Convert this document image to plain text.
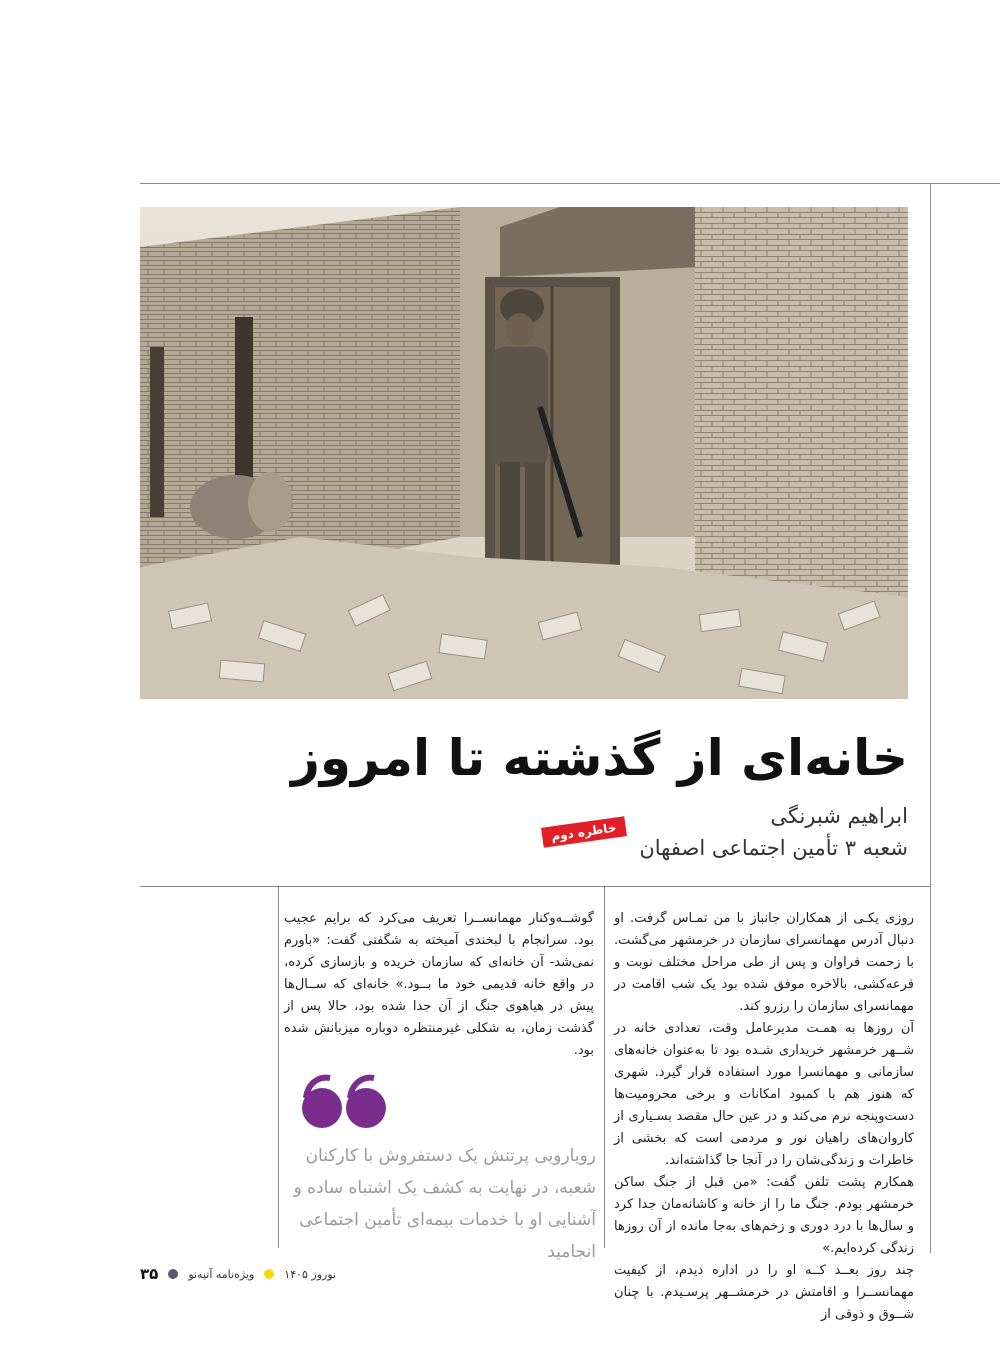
خانه‌ای از گذشته تا امروز
ابراهیم شبرنگی
شعبه ۳ تأمین اجتماعی اصفهان
خاطره دوم

روزی یکـی از همکاران جانباز با من تمـاس گرفت. او دنبال آدرس مهمانسرای سازمان در خرمشهر می‌گشت. با زحمت فراوان و پس از طی مراحل مختلف نوبت و قرعه‌کشی، بالاخره موفق شده بود یک شب اقامت در مهمانسرای سازمان را رزرو کند.

آن روزها به همـت مدیرعامل وقت، تعدادی خانه در شــهر خرمشهر خریداری شـده بود تا به‌عنوان خانه‌های سازمانی و مهمانسرا مورد استفاده قرار گیرد. شهری که هنوز هم با کمبود امکانات و برخی محرومیت‌ها دست‌وپنجه نرم می‌کند و در عین حال مقصد بسـیاری از کاروان‌های راهیان نور و مردمی است که بخشی از خاطرات و زندگی‌شان را در آنجا جا گذاشته‌اند.

همکارم پشت تلفن گفت: «من قبل از جنگ ساکن خرمشهر بودم. جنگ ما را از خانه و کاشانه‌مان جدا کرد و سال‌ها با درد دوری و زخم‌های به‌جا مانده از آن روزها زندگی کرده‌ایم.»

چند روز بعــد کــه او را در اداره دیدم، از کیفیت مهمانســرا و اقامتش در خرمشــهر پرسـیدم. با چنان شــوق و ذوقی از

گوشــه‌وکنار مهمانســرا تعریف می‌کرد که برایم عجیب بود. سرانجام با لبخندی آمیخته به شگفتی گفت: «باورم نمی‌شد- آن خانه‌ای که سازمان خریده و بازسازی کرده، در واقع خانه قدیمی خود ما بــود.» خانه‌ای که ســال‌ها پیش در هیاهوی جنگ از آن جدا شده بود، حالا پس از گذشت زمان، به شکلی غیرمنتظره دوباره میزبانش شده بود.

رویارویی پرتنش یک دستفروش با کارکنان شعبه، در نهایت به کشف یک اشتباه ساده و آشنایی او با خدمات بیمه‌ای تأمین اجتماعی انجامید
۳۵	ویژه‌نامه آتیه‌نو	نوروز ۱۴۰۵
